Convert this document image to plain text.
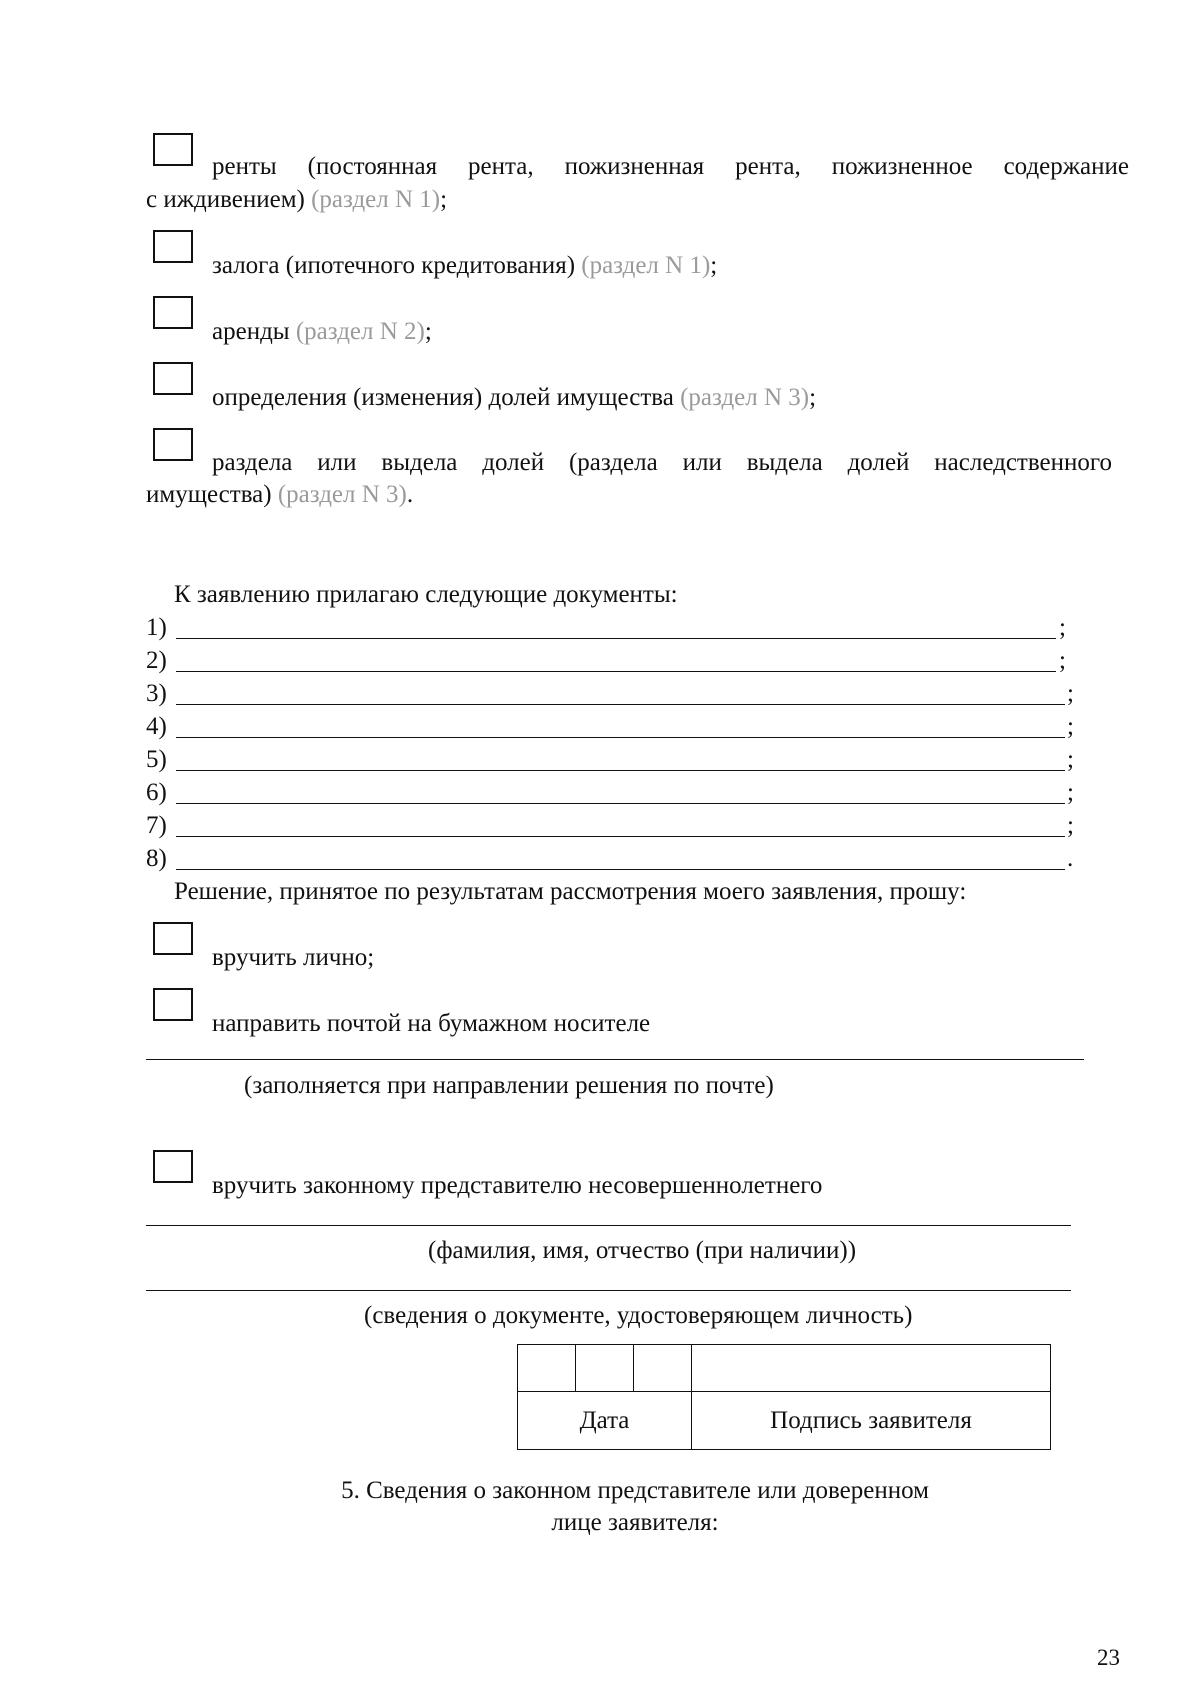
ренты (постоянная рента, пожизненная рента, пожизненное содержание
с иждивением) (раздел N 1);
залога (ипотечного кредитования) (раздел N 1);
аренды (раздел N 2);
определения (изменения) долей имущества (раздел N 3);
раздела или выдела долей (раздела или выдела долей наследственного
имущества) (раздел N 3).
К заявлению прилагаю следующие документы:
1)	;
2)	;
3)	;
4)	;
5)	;
6)	;
7)	;
8)	.
Решение, принятое по результатам рассмотрения моего заявления, прошу:
вручить лично;
направить почтой на бумажном носителе
(заполняется при направлении решения по почте)
вручить законному представителю несовершеннолетнего
(фамилия, имя, отчество (при наличии))
(сведения о документе, удостоверяющем личность)

Дата			Подпись заявителя
5. Сведения о законном представителе или доверенном
лице заявителя:
23
